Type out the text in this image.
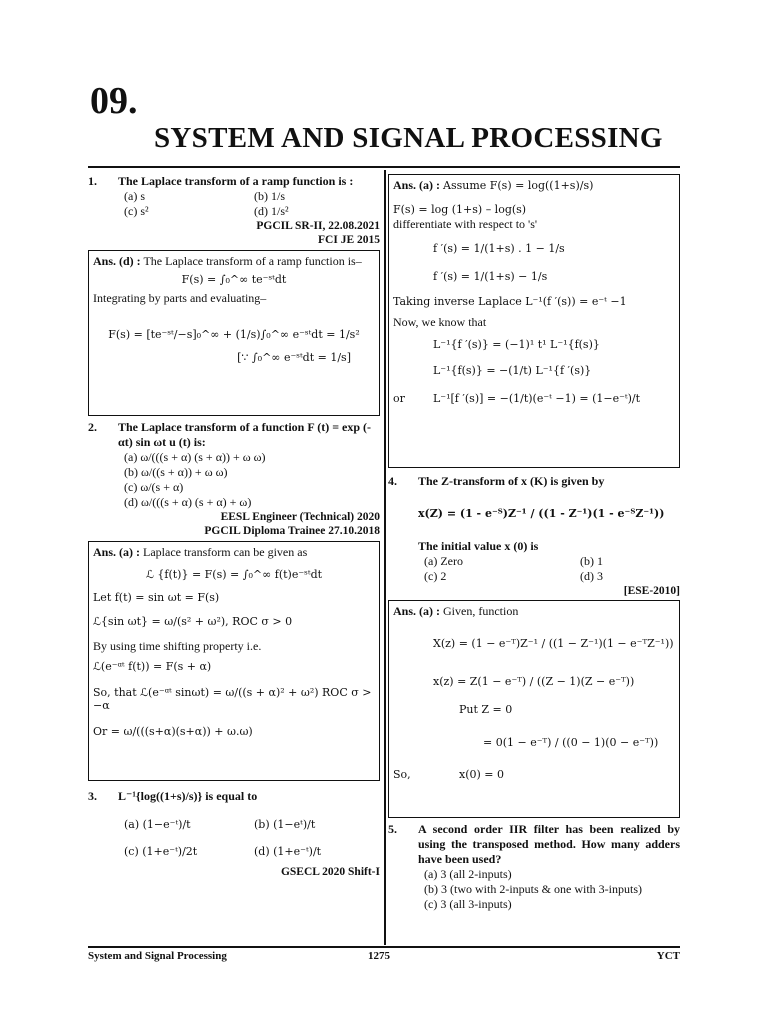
09.
SYSTEM AND SIGNAL PROCESSING

1. The Laplace transform of a ramp function is :

(a) s	(b) 1/s
(c) s²	(d) 1/s²

PGCIL SR-II, 22.08.2021

FCI JE 2015

Ans. (d) : The Laplace transform of a ramp function is–

F(s) = ∫₀^∞ te⁻ˢᵗdt

Integrating by parts and evaluating–

F(s) = [te⁻ˢᵗ/−s]₀^∞ + (1/s)∫₀^∞ e⁻ˢᵗdt = 1/s²

[∵ ∫₀^∞ e⁻ˢᵗdt = 1/s]

2.	The Laplace transform of a function F (t) = exp (-αt) sin ωt u (t) is:

(a) ω/(((s + α) (s + α)) + ω ω)

(b) ω/((s + α)) + ω ω)

(c) ω/(s + α)

(d) ω/(((s + α) (s + α) + ω)

EESL Engineer (Technical) 2020

PGCIL Diploma Trainee 27.10.2018

Ans. (a) : Laplace transform can be given as

ℒ {f(t)} = F(s) = ∫₀^∞ f(t)e⁻ˢᵗdt

Let f(t) = sin ωt = F(s)

ℒ{sin ωt} = ω/(s² + ω²), ROC σ > 0

By using time shifting property i.e.

ℒ(e⁻ᵅᵗ f(t)) = F(s + α)

So, that ℒ(e⁻ᵅᵗ sinωt) = ω/((s + α)² + ω²) ROC σ > −α

Or = ω/(((s+α)(s+α)) + ω.ω)

3. L⁻¹{log((1+s)/s)} is equal to

(a) (1−e⁻ᵗ)/t	(b) (1−eᵗ)/t
(c) (1+e⁻ᵗ)/2t	(d) (1+e⁻ᵗ)/t

GSECL 2020 Shift-I

Ans. (a) : Assume F(s) = log((1+s)/s)

F(s) = log (1+s) – log(s)

differentiate with respect to 's'

f ′(s) = 1/(1+s) . 1 − 1/s

f ′(s) = 1/(1+s) − 1/s

Taking inverse Laplace L⁻¹(f ′(s)) = e⁻ᵗ −1

Now, we know that

L⁻¹{f ′(s)} = (−1)¹ t¹ L⁻¹{f(s)}

L⁻¹{f(s)} = −(1/t) L⁻¹{f ′(s)}

or	L⁻¹[f ′(s)] = −(1/t)(e⁻ᵗ −1) = (1−e⁻ᵗ)/t

4. The Z-transform of x (K) is given by

x(Z) = (1 - e⁻ᵀ)Z⁻¹ / ((1 - Z⁻¹)(1 - e⁻ᵀZ⁻¹))

The initial value x (0) is

(a) Zero	(b) 1
(c) 2	(d) 3

[ESE-2010]

Ans. (a) : Given, function

X(z) = (1 − e⁻ᵀ)Z⁻¹ / ((1 − Z⁻¹)(1 − e⁻ᵀZ⁻¹))

x(z) = Z(1 − e⁻ᵀ) / ((Z − 1)(Z − e⁻ᵀ))

Put Z = 0

= 0(1 − e⁻ᵀ) / ((0 − 1)(0 − e⁻ᵀ))

So,	x(0) = 0

5.	A second order IIR filter has been realized by using the transposed method. How many adders have been used?

(a) 3 (all 2-inputs)

(b) 3 (two with 2-inputs & one with 3-inputs)

(c) 3 (all 3-inputs)

System and Signal Processing	1275	YCT
